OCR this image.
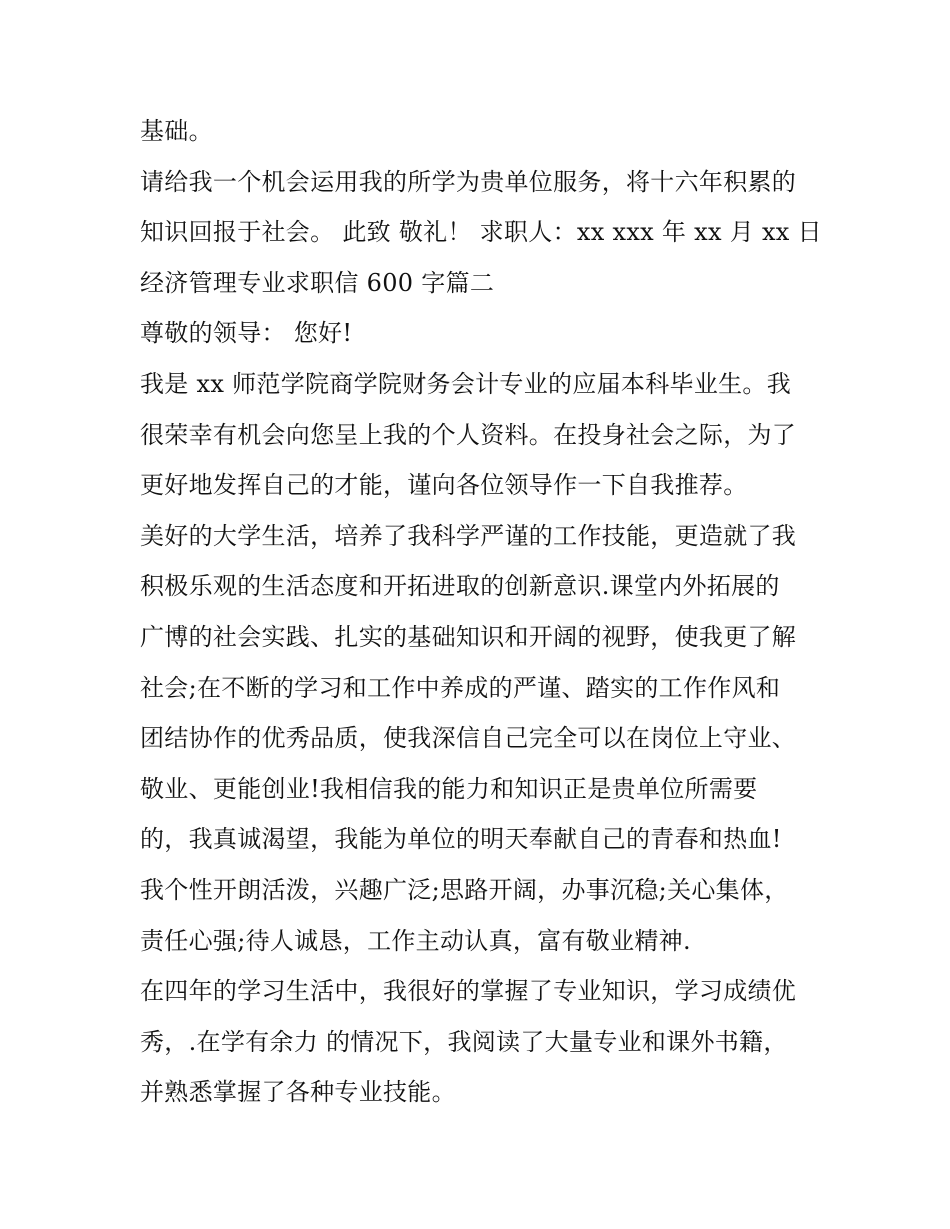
基础。
请给我一个机会运用我的所学为贵单位服务，将十六年积累的
知识回报于社会。 此致 敬礼！ 求职人：xx xxx 年 xx 月 xx 日
经济管理专业求职信 600 字篇二
尊敬的领导： 您好!
我是 xx 师范学院商学院财务会计专业的应届本科毕业生。我
很荣幸有机会向您呈上我的个人资料。在投身社会之际，为了
更好地发挥自己的才能，谨向各位领导作一下自我推荐。
美好的大学生活，培养了我科学严谨的工作技能，更造就了我
积极乐观的生活态度和开拓进取的创新意识.课堂内外拓展的
广博的社会实践、扎实的基础知识和开阔的视野，使我更了解
社会;在不断的学习和工作中养成的严谨、踏实的工作作风和
团结协作的优秀品质，使我深信自己完全可以在岗位上守业、
敬业、更能创业!我相信我的能力和知识正是贵单位所需要
的，我真诚渴望，我能为单位的明天奉献自己的青春和热血!
我个性开朗活泼，兴趣广泛;思路开阔，办事沉稳;关心集体，
责任心强;待人诚恳，工作主动认真，富有敬业精神.
在四年的学习生活中，我很好的掌握了专业知识，学习成绩优
秀，.在学有余力 的情况下，我阅读了大量专业和课外书籍，
并熟悉掌握了各种专业技能。
